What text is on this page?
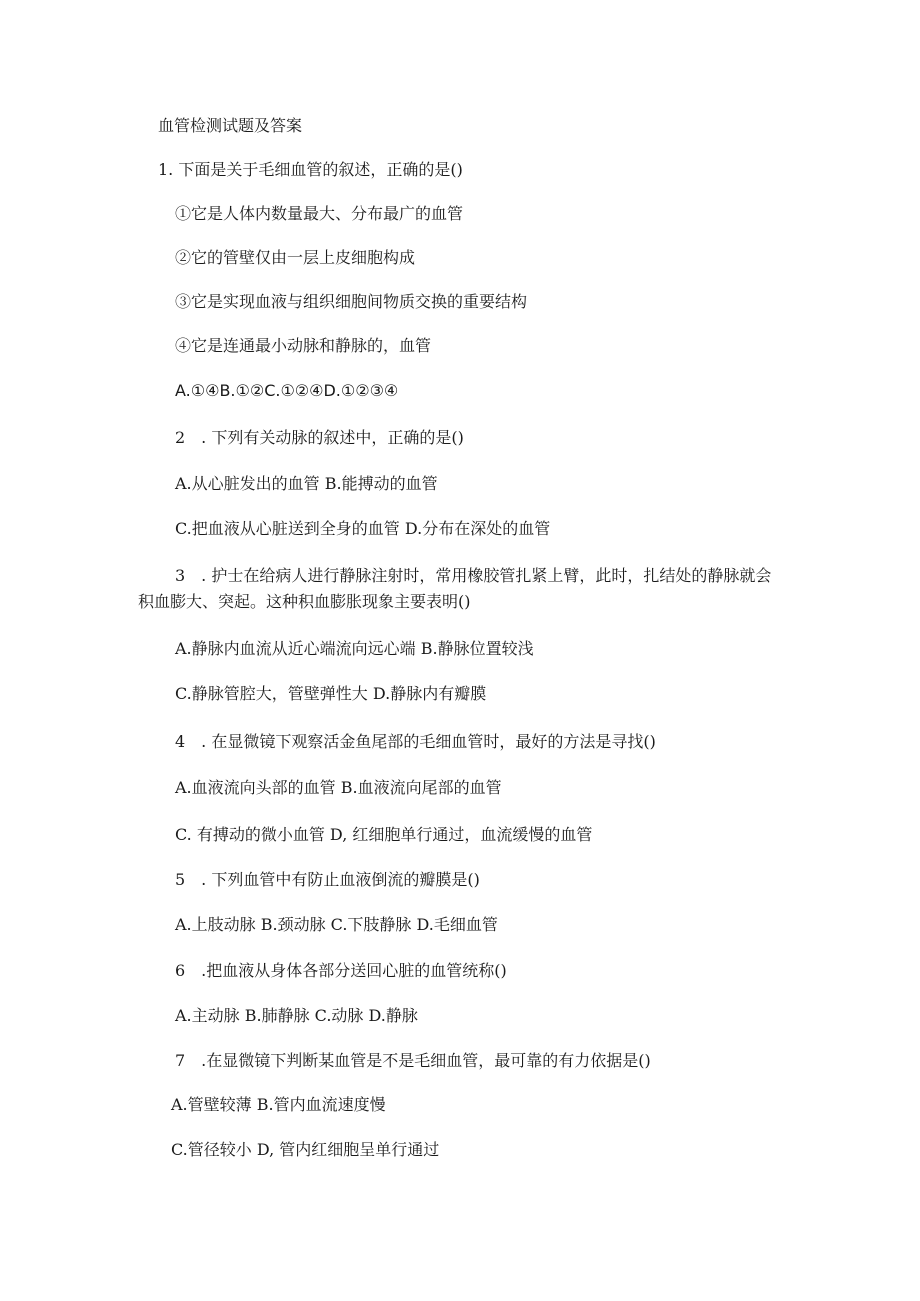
血管检测试题及答案
1. 下面是关于毛细血管的叙述，正确的是()
①它是人体内数量最大、分布最广的血管
②它的管壁仅由一层上皮细胞构成
③它是实现血液与组织细胞间物质交换的重要结构
④它是连通最小动脉和静脉的，血管
A.①④B.①②C.①②④D.①②③④
2　. 下列有关动脉的叙述中，正确的是()
A.从心脏发出的血管 B.能搏动的血管
C.把血液从心脏送到全身的血管 D.分布在深处的血管
3　. 护士在给病人进行静脉注射时，常用橡胶管扎紧上臂，此时，扎结处的静脉就会积血膨大、突起。这种积血膨胀现象主要表明()
A.静脉内血流从近心端流向远心端 B.静脉位置较浅
C.静脉管腔大，管壁弹性大 D.静脉内有瓣膜
4　. 在显微镜下观察活金鱼尾部的毛细血管时，最好的方法是寻找()
A.血液流向头部的血管 B.血液流向尾部的血管
C. 有搏动的微小血管 D, 红细胞单行通过，血流缓慢的血管
5　. 下列血管中有防止血液倒流的瓣膜是()
A.上肢动脉 B.颈动脉 C.下肢静脉 D.毛细血管
6　.把血液从身体各部分送回心脏的血管统称()
A.主动脉 B.肺静脉 C.动脉 D.静脉
7　.在显微镜下判断某血管是不是毛细血管，最可靠的有力依据是()
A.管壁较薄 B.管内血流速度慢
C.管径较小 D, 管内红细胞呈单行通过
